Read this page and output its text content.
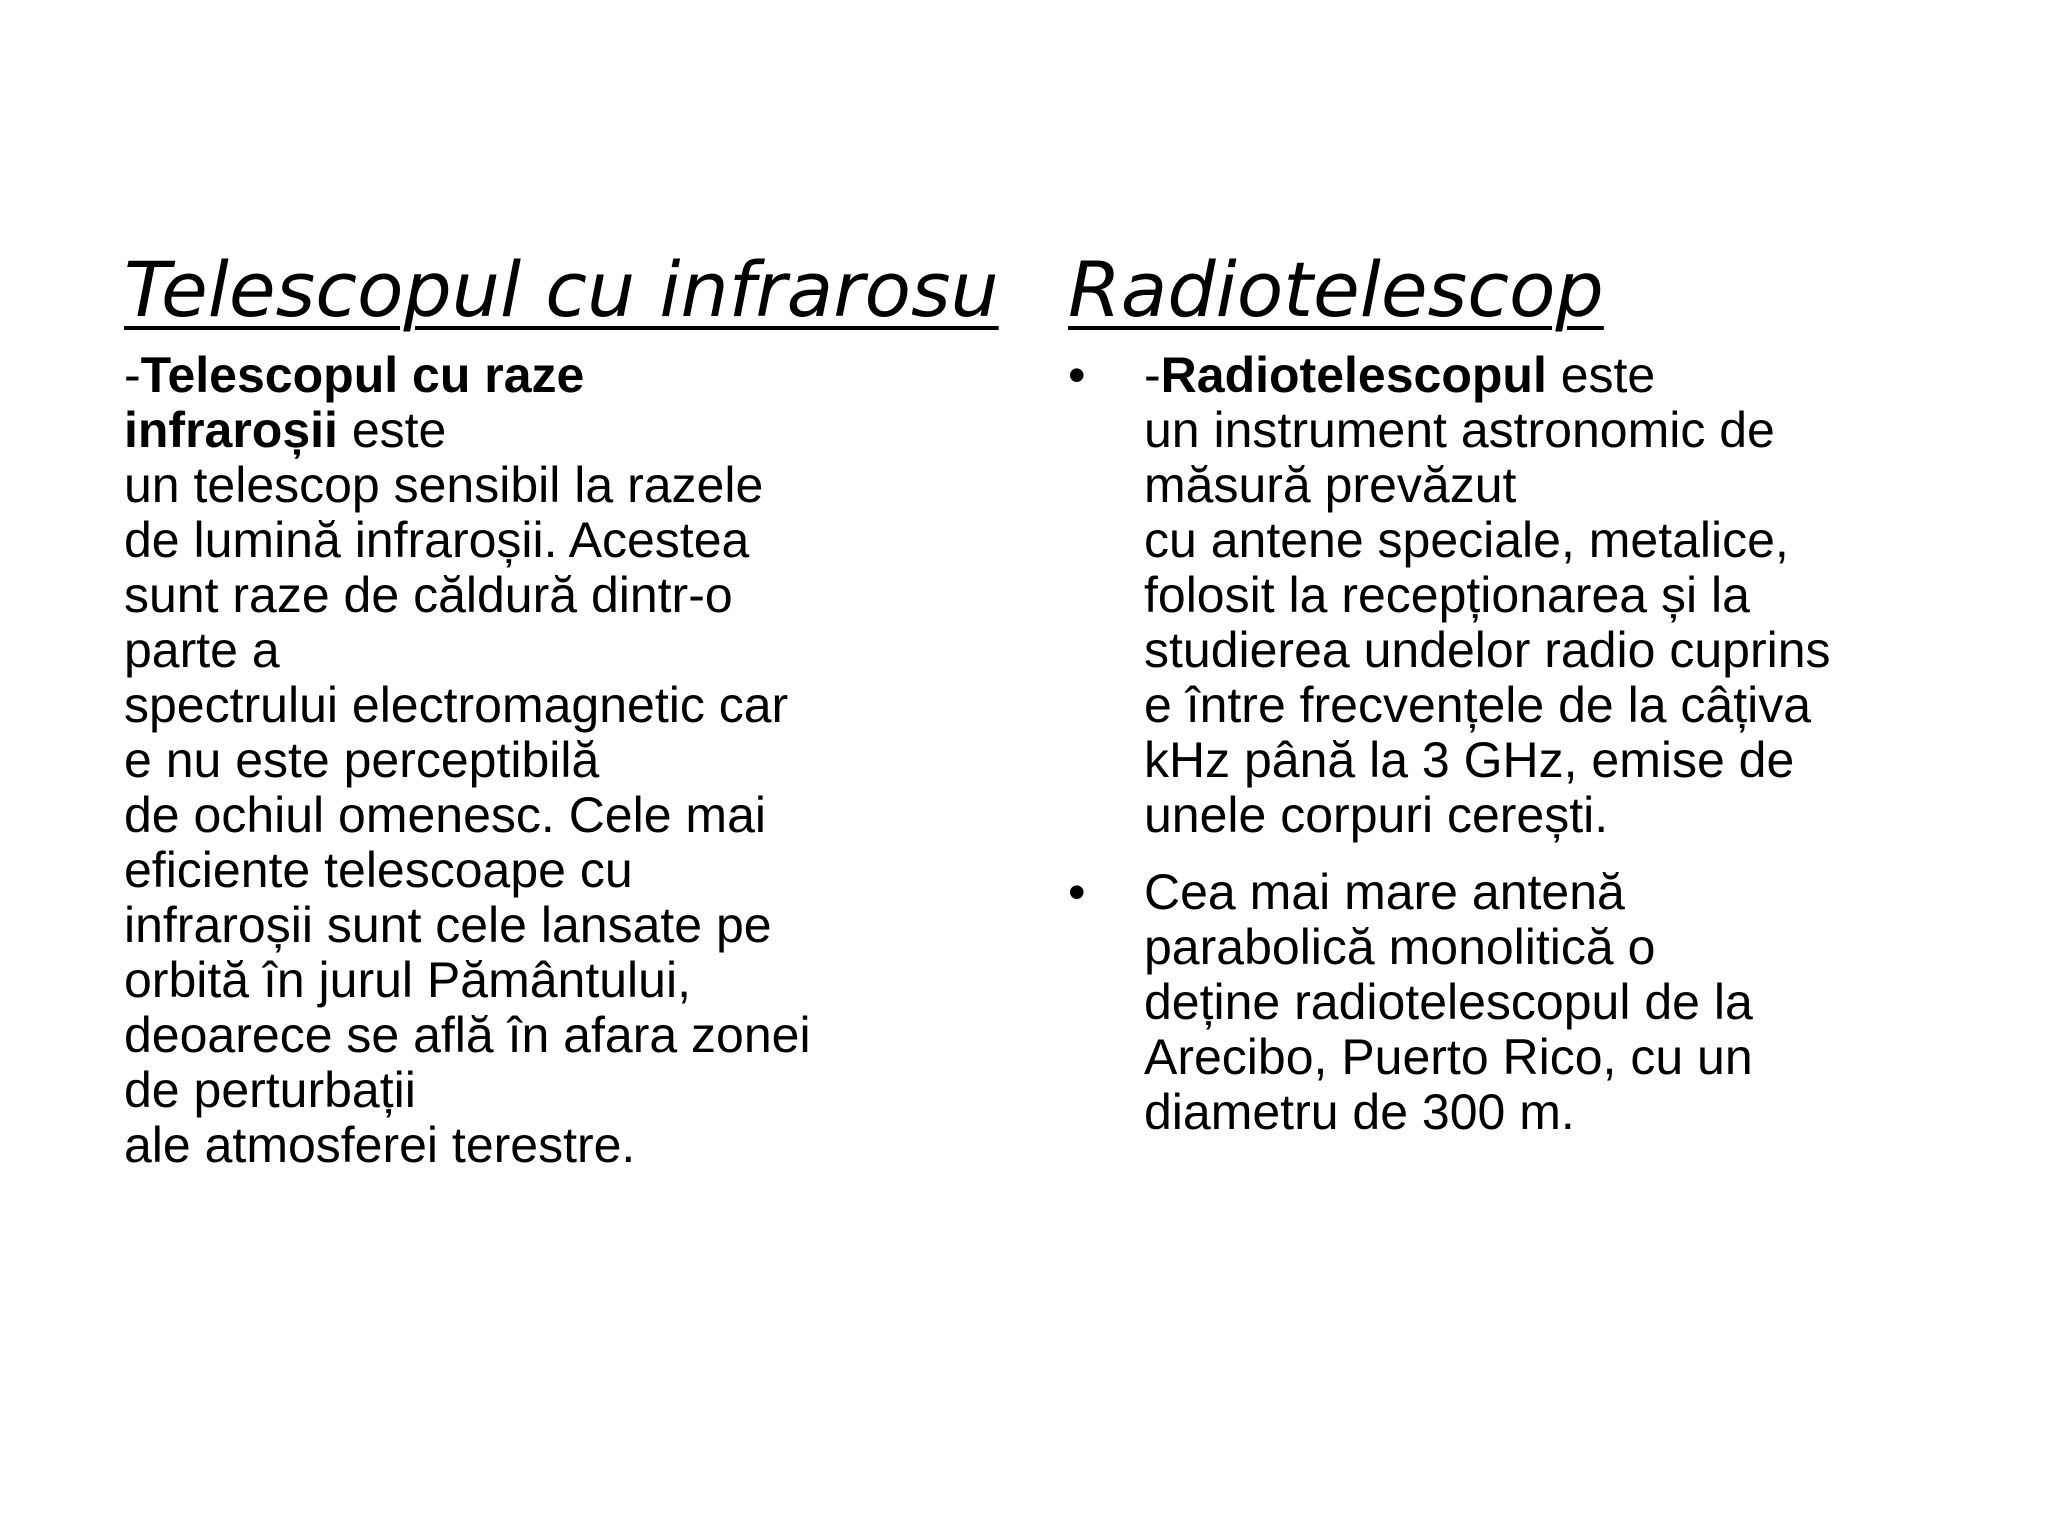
Telescopul cu infrarosu
-Telescopul cu raze
infraroșii este
un telescop sensibil la razele
de lumină infraroșii. Acestea
sunt raze de căldură dintr-o
parte a
spectrului electromagnetic car
e nu este perceptibilă
de ochiul omenesc. Cele mai
eficiente telescoape cu
infraroșii sunt cele lansate pe
orbită în jurul Pământului,
deoarece se află în afara zonei
de perturbații
ale atmosferei terestre.
Radiotelescop
• -Radiotelescopul este
un instrument astronomic de
măsură prevăzut
cu antene speciale, metalice,
folosit la recepționarea și la
studierea undelor radio cuprins
e între frecvențele de la câțiva
kHz până la 3 GHz, emise de
unele corpuri cerești.
• Cea mai mare antenă
parabolică monolitică o
deține radiotelescopul de la
Arecibo, Puerto Rico, cu un
diametru de 300 m.
